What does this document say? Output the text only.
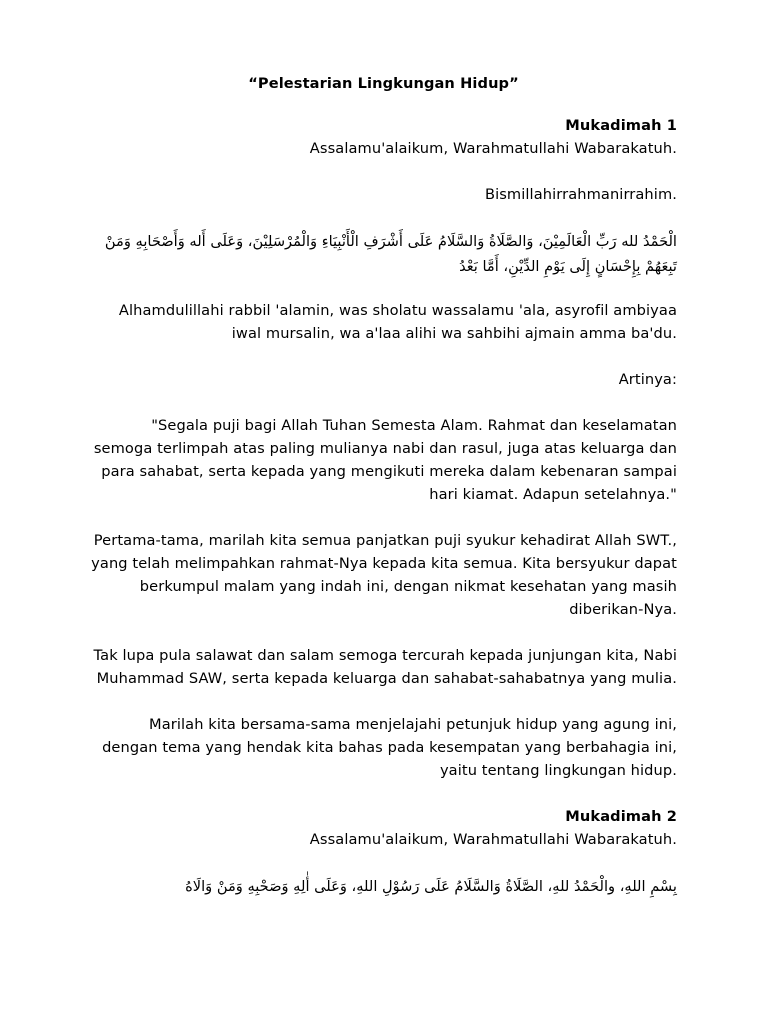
“Pelestarian Lingkungan Hidup”

Mukadimah 1

Assalamu'alaikum, Warahmatullahi Wabarakatuh.

Bismillahirrahmanirrahim.

الْحَمْدُ لله رَبِّ الْعَالَمِيْنَ، وَالصَّلَاةُ وَالسَّلَامُ عَلَى أَشْرَفِ الْأَنْبِيَاءِ وَالْمُرْسَلِيْنَ، وَعَلَى أَله وَأَصْحَابِهِ وَمَنْ تَبِعَهُمْ بِإِحْسَانٍ إِلَى يَوْمِ الدِّيْنِ، أَمَّا بَعْدُ

Alhamdulillahi rabbil 'alamin, was sholatu wassalamu 'ala, asyrofil ambiyaa iwal mursalin, wa a'laa alihi wa sahbihi ajmain amma ba'du.

Artinya:

"Segala puji bagi Allah Tuhan Semesta Alam. Rahmat dan keselamatan semoga terlimpah atas paling mulianya nabi dan rasul, juga atas keluarga dan para sahabat, serta kepada yang mengikuti mereka dalam kebenaran sampai hari kiamat. Adapun setelahnya."

Pertama-tama, marilah kita semua panjatkan puji syukur kehadirat Allah SWT., yang telah melimpahkan rahmat-Nya kepada kita semua. Kita bersyukur dapat berkumpul malam yang indah ini, dengan nikmat kesehatan yang masih diberikan-Nya.

Tak lupa pula salawat dan salam semoga tercurah kepada junjungan kita, Nabi Muhammad SAW, serta kepada keluarga dan sahabat-sahabatnya yang mulia.

Marilah kita bersama-sama menjelajahi petunjuk hidup yang agung ini, dengan tema yang hendak kita bahas pada kesempatan yang berbahagia ini, yaitu tentang lingkungan hidup.

Mukadimah 2

Assalamu'alaikum, Warahmatullahi Wabarakatuh.

بِسْمِ اللهِ، والْحَمْدُ للهِ، الصَّلَاةُ وَالسَّلَامُ عَلَى رَسُوْلِ اللهِ، وَعَلَى أٰلِهِ وَصَحْبِهِ وَمَنْ وَالَاهُ
